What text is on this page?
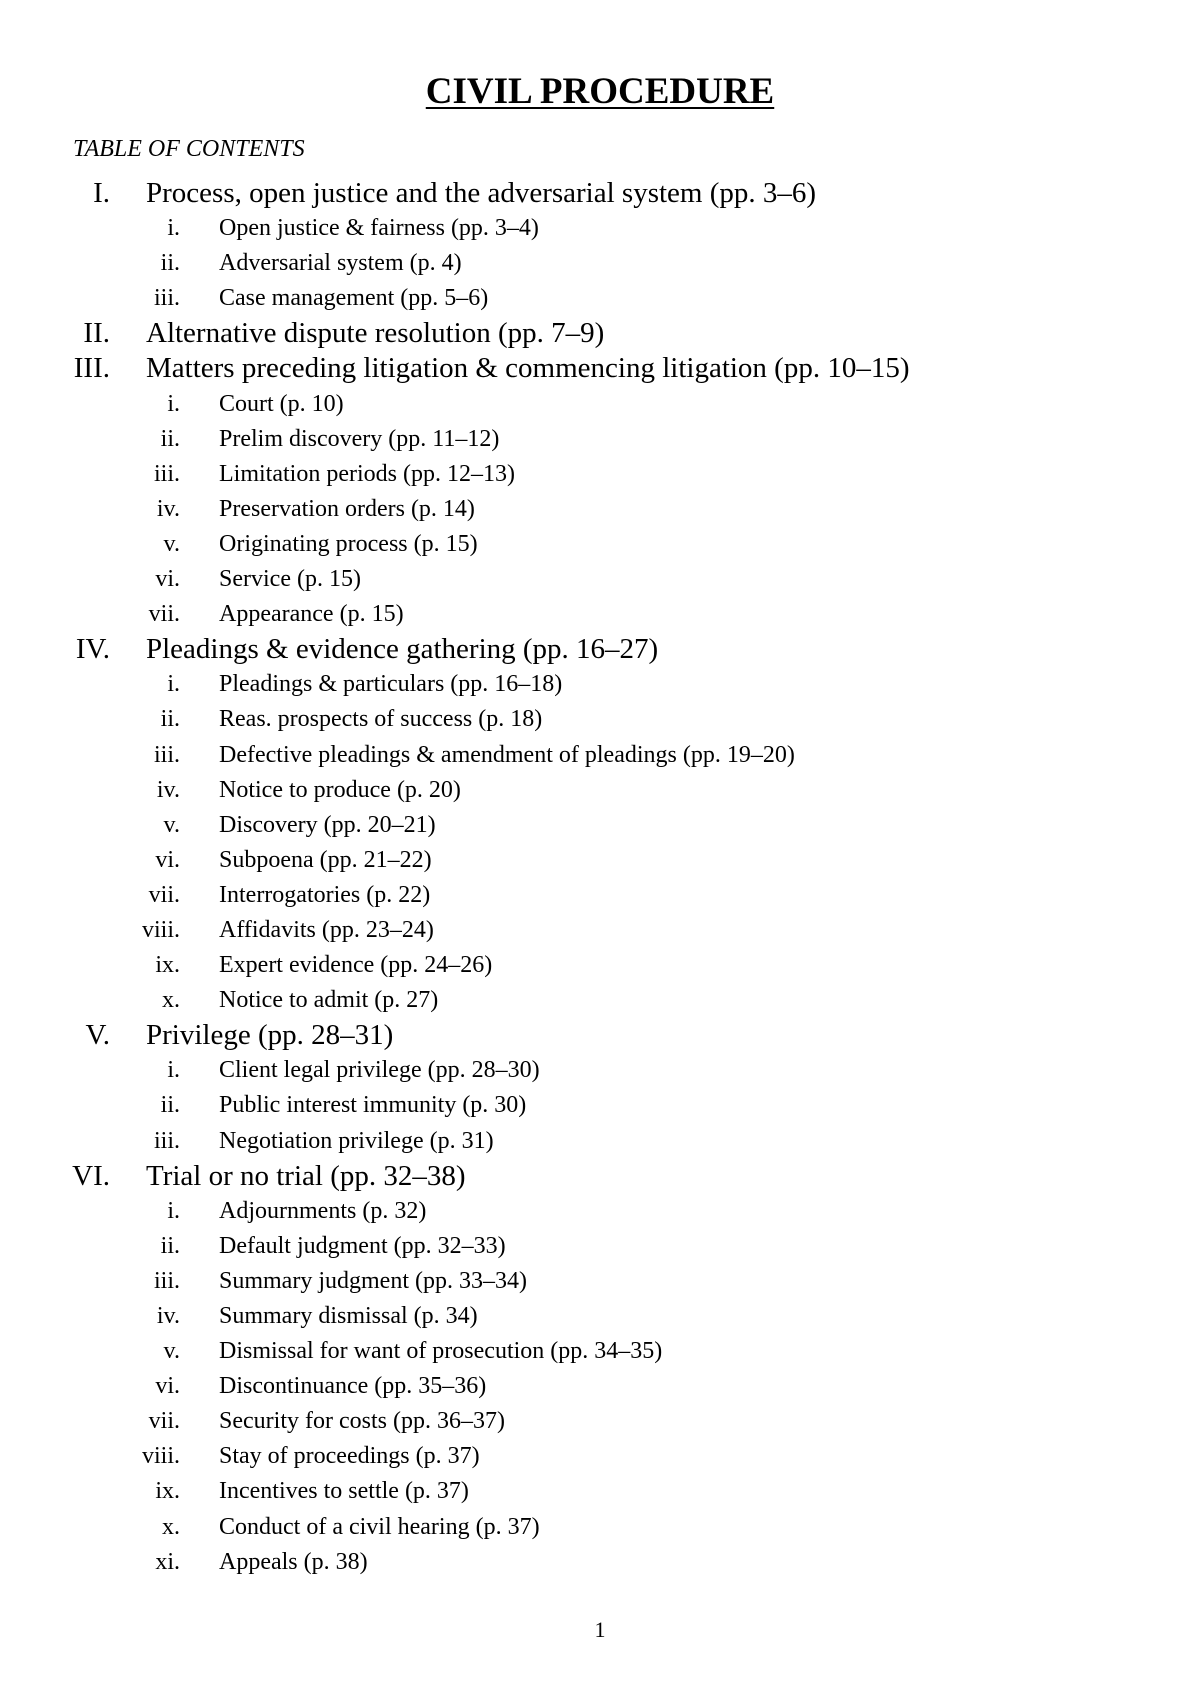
CIVIL PROCEDURE
TABLE OF CONTENTS
I. Process, open justice and the adversarial system (pp. 3–6)
i. Open justice & fairness (pp. 3–4)
ii. Adversarial system (p. 4)
iii. Case management (pp. 5–6)
II. Alternative dispute resolution (pp. 7–9)
III. Matters preceding litigation & commencing litigation (pp. 10–15)
i. Court (p. 10)
ii. Prelim discovery (pp. 11–12)
iii. Limitation periods (pp. 12–13)
iv. Preservation orders (p. 14)
v. Originating process (p. 15)
vi. Service (p. 15)
vii. Appearance (p. 15)
IV. Pleadings & evidence gathering (pp. 16–27)
i. Pleadings & particulars (pp. 16–18)
ii. Reas. prospects of success (p. 18)
iii. Defective pleadings & amendment of pleadings (pp. 19–20)
iv. Notice to produce (p. 20)
v. Discovery (pp. 20–21)
vi. Subpoena (pp. 21–22)
vii. Interrogatories (p. 22)
viii. Affidavits (pp. 23–24)
ix. Expert evidence (pp. 24–26)
x. Notice to admit (p. 27)
V. Privilege (pp. 28–31)
i. Client legal privilege (pp. 28–30)
ii. Public interest immunity (p. 30)
iii. Negotiation privilege (p. 31)
VI. Trial or no trial (pp. 32–38)
i. Adjournments (p. 32)
ii. Default judgment (pp. 32–33)
iii. Summary judgment (pp. 33–34)
iv. Summary dismissal (p. 34)
v. Dismissal for want of prosecution (pp. 34–35)
vi. Discontinuance (pp. 35–36)
vii. Security for costs (pp. 36–37)
viii. Stay of proceedings (p. 37)
ix. Incentives to settle (p. 37)
x. Conduct of a civil hearing (p. 37)
xi. Appeals (p. 38)
1
